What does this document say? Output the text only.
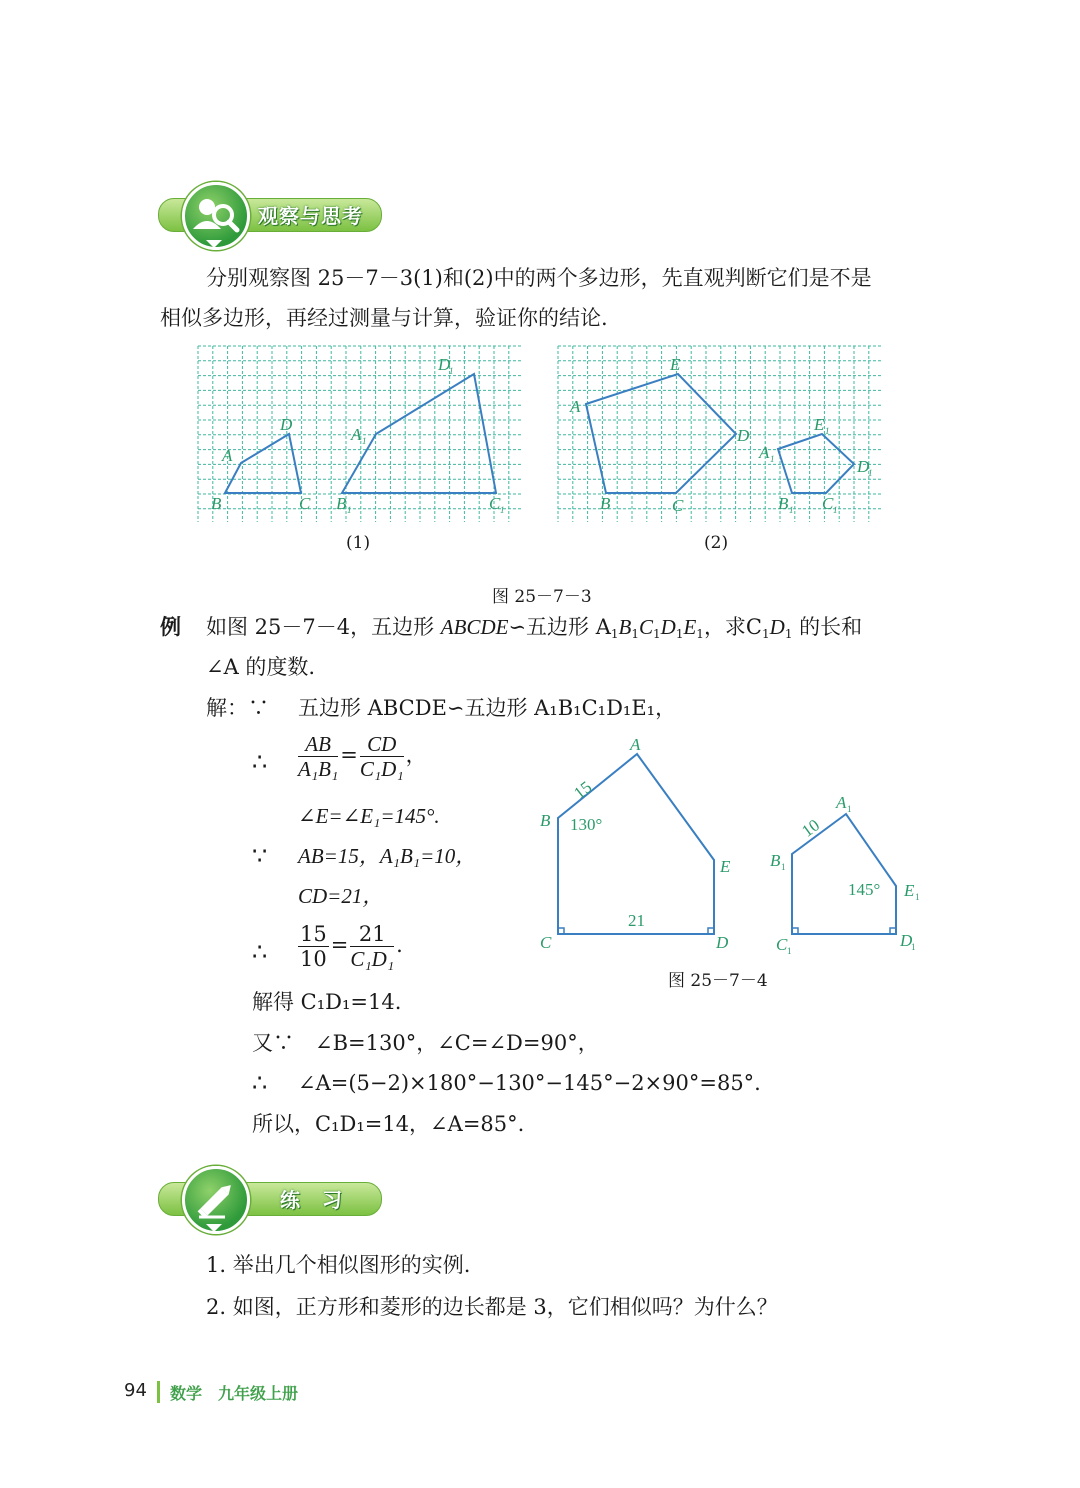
观察与思考
分别观察图 25－7－3(1)和(2)中的两个多边形，先直观判断它们是不是
相似多边形，再经过测量与计算，验证你的结论.
A
B	C
D
A 1
B 1	C 1
D
1
(1)
A
B	C
D
E
A 1
B 1 C 1
D
1
E 1
(2)
图 25－7－3
例 如图 25－7－4，五边形 ABCDE∽五边形 $A_1B_1C_1D_1E_1$，求$C_1D_1$ 的长和
∠A 的度数.
解：∵ 五边形 ABCDE∽五边形 A₁B₁C₁D₁E₁，
∴ $\frac{AB}{\text{A₁B₁}} = \frac{CD}{\text{C₁D₁}}$ ，
∠E=∠E₁=145°.
∵ AB=15，A₁B₁=10，
CD=21，
∴ $\frac{15}{10} = \frac{21}{\text{C₁D₁}}$ .
解得 C₁D₁=14.
又∵　∠B=130°，∠C=∠D=90°，
∴ ∠A=(5−2)×180°−130°−145°−2×90°=85°.
所以，C₁D₁=14，∠A=85°.
A
B
C	D
E
15
130°
21
A 1
B 1
C 1
D
1
E 1
10
145°
图 25－7－4
练　习
1. 举出几个相似图形的实例.
2. 如图，正方形和菱形的边长都是 3，它们相似吗？为什么？
94 数学　九年级上册
